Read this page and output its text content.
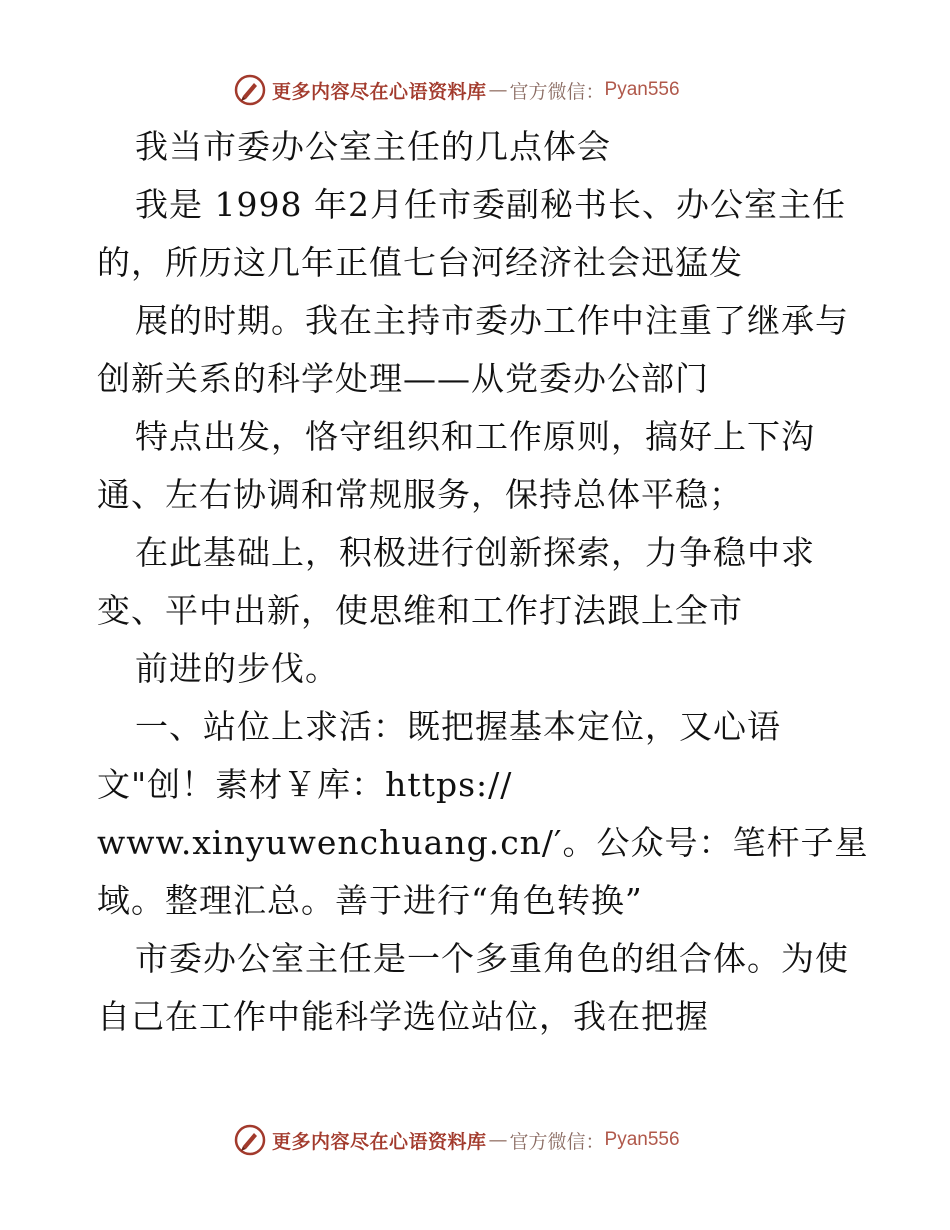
更多内容尽在心语资料库 — 官方微信： Pyan556
我当市委办公室主任的几点体会
我是 1998 年2月任市委副秘书长、办公室主任
的，所历这几年正值七台河经济社会迅猛发
展的时期。我在主持市委办工作中注重了继承与
创新关系的科学处理——从党委办公部门
特点出发，恪守组织和工作原则，搞好上下沟
通、左右协调和常规服务，保持总体平稳；
在此基础上，积极进行创新探索，力争稳中求
变、平中出新，使思维和工作打法跟上全市
前进的步伐。
一、站位上求活：既把握基本定位，又心语
文"创！素材￥库：https://
www.xinyuwenchuang.cn/′。公众号：笔杆子星
域。整理汇总。善于进行“角色转换”
市委办公室主任是一个多重角色的组合体。为使
自己在工作中能科学选位站位，我在把握
更多内容尽在心语资料库 — 官方微信： Pyan556
